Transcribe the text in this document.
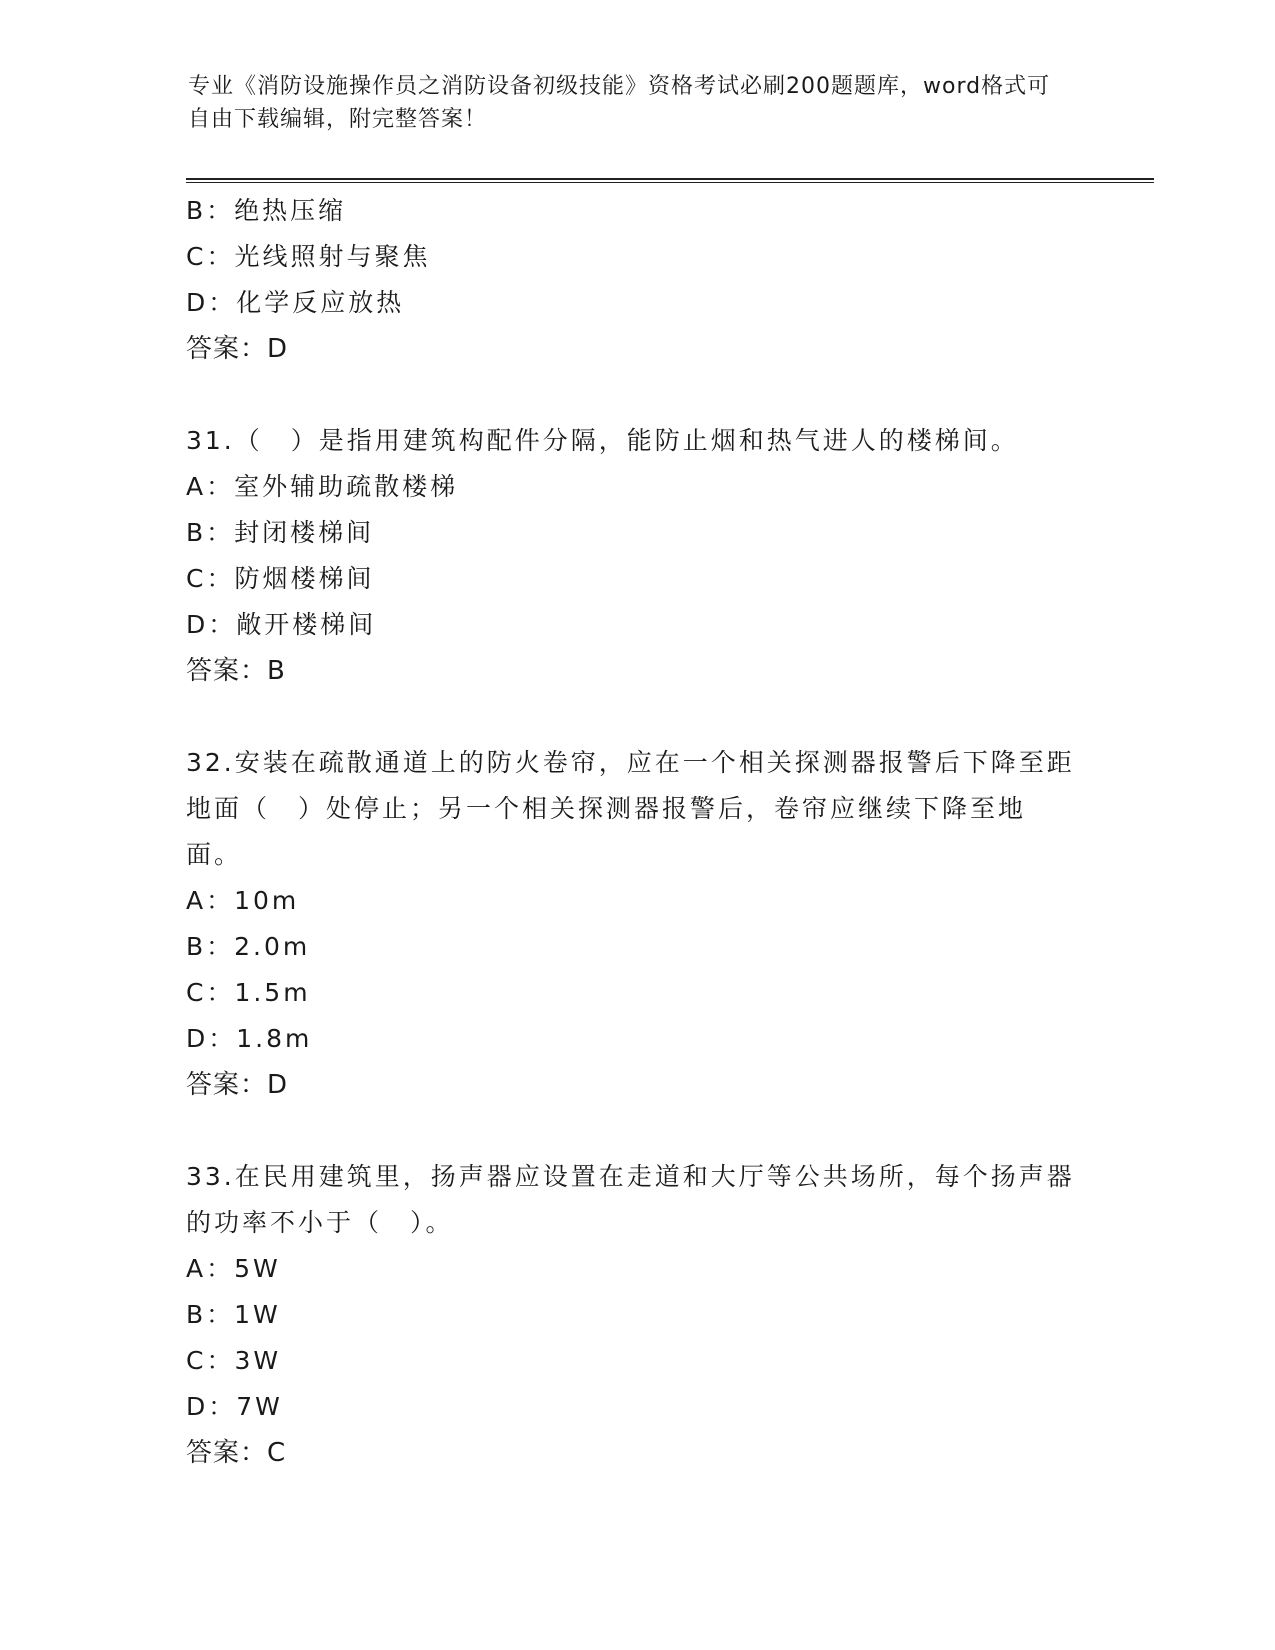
专业《消防设施操作员之消防设备初级技能》资格考试必刷200题题库，word格式可自由下载编辑，附完整答案！
B：绝热压缩
C：光线照射与聚焦
D：化学反应放热
答案：D
31.（　）是指用建筑构配件分隔，能防止烟和热气进人的楼梯间。
A：室外辅助疏散楼梯
B：封闭楼梯间
C：防烟楼梯间
D：敞开楼梯间
答案：B
32.安装在疏散通道上的防火卷帘，应在一个相关探测器报警后下降至距地面（　）处停止；另一个相关探测器报警后，卷帘应继续下降至地面。
A：10m
B：2.0m
C：1.5m
D：1.8m
答案：D
33.在民用建筑里，扬声器应设置在走道和大厅等公共场所，每个扬声器的功率不小于（　）。
A：5W
B：1W
C：3W
D：7W
答案：C
